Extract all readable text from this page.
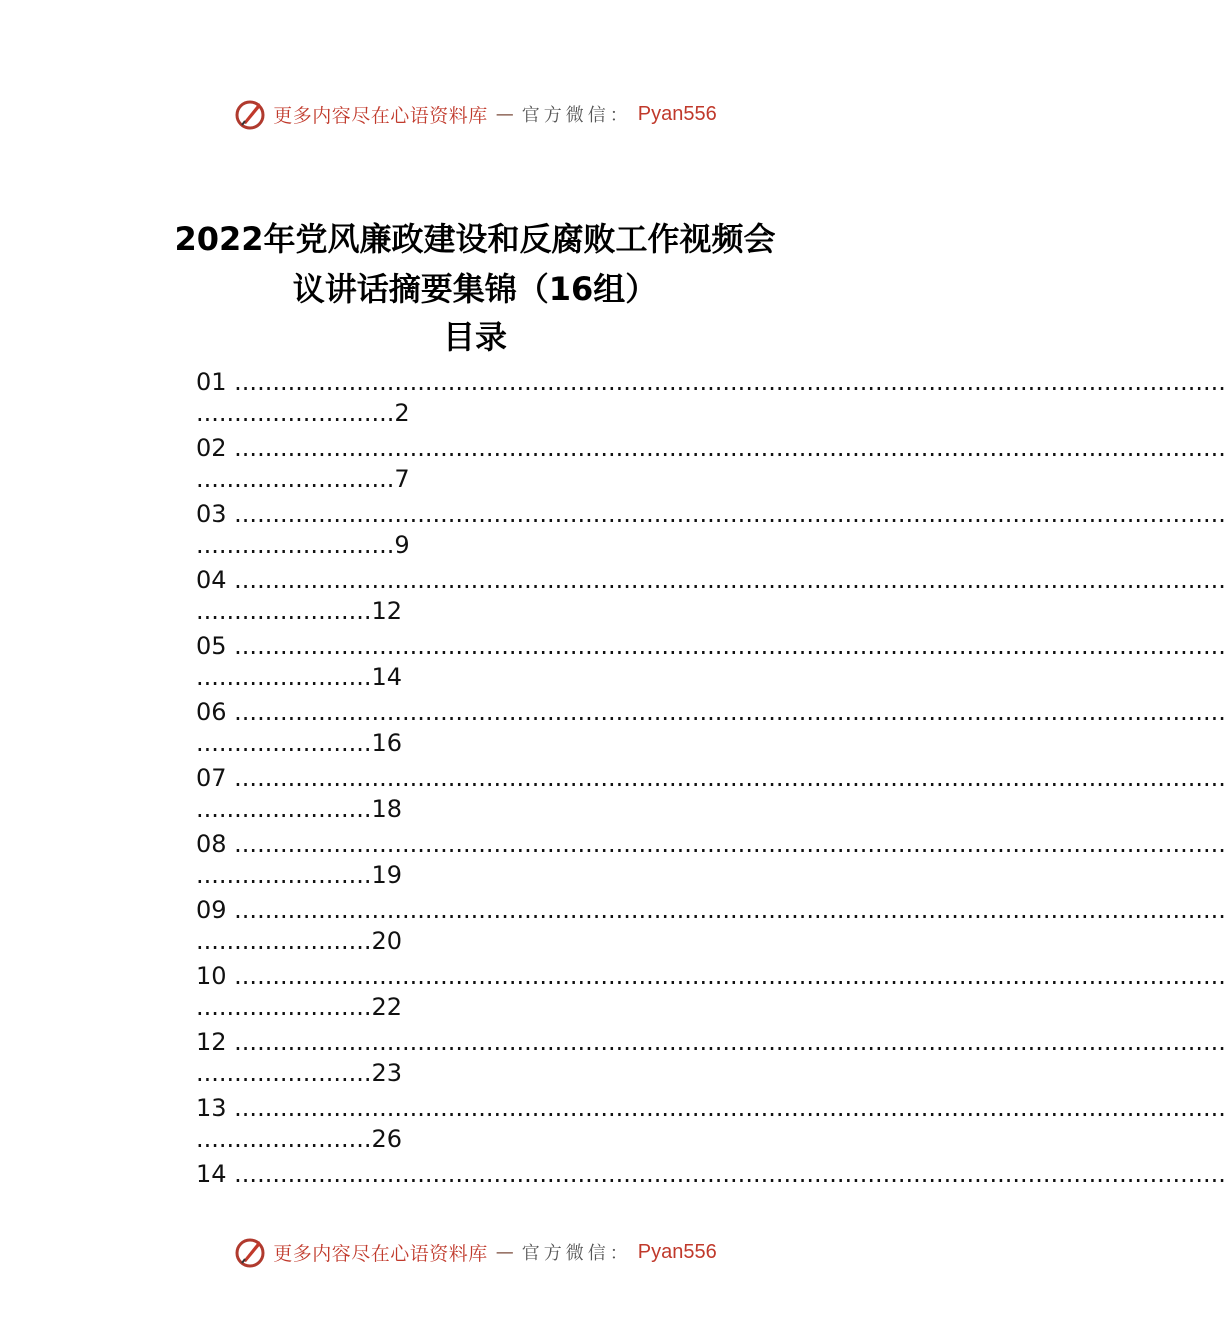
更多内容尽在心语资料库 — 官方微信： Pyan556
2022年党风廉政建设和反腐败工作视频会
议讲话摘要集锦（16组）
目录
01 ..................................................................................................................................
..........................2
02 ..................................................................................................................................
..........................7
03 ..................................................................................................................................
..........................9
04 ..................................................................................................................................
.......................12
05 ..................................................................................................................................
.......................14
06 ..................................................................................................................................
.......................16
07 ..................................................................................................................................
.......................18
08 ..................................................................................................................................
.......................19
09 ..................................................................................................................................
.......................20
10 ..................................................................................................................................
.......................22
12 ..................................................................................................................................
.......................23
13 ..................................................................................................................................
.......................26
14 ..................................................................................................................................
更多内容尽在心语资料库 — 官方微信： Pyan556
